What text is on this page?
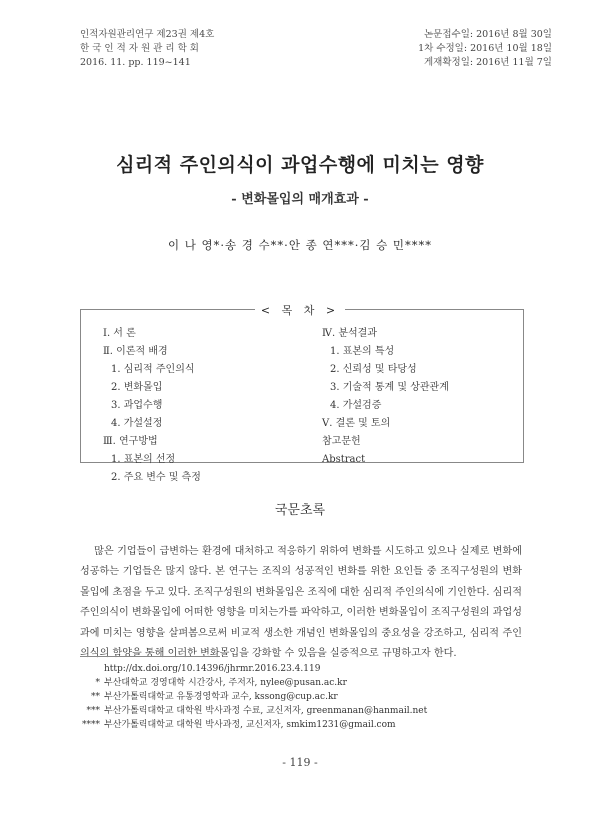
인적자원관리연구 제23권 제4호
한 국 인 적 자 원 관 리 학 회
2016. 11. pp. 119~141
논문접수일: 2016년 8월 30일
1차 수정일: 2016년 10월 18일
게재확정일: 2016년 11월 7일
심리적 주인의식이 과업수행에 미치는 영향
- 변화몰입의 매개효과 -
이 나 영*·송 경 수**·안 종 연***·김 승 민****
< 목 차 >
Ⅰ. 서 론
Ⅱ. 이론적 배경
1. 심리적 주인의식
2. 변화몰입
3. 과업수행
4. 가설설정
Ⅲ. 연구방법
1. 표본의 선정
2. 주요 변수 및 측정
Ⅳ. 분석결과
1. 표본의 특성
2. 신뢰성 및 타당성
3. 기술적 통계 및 상관관계
4. 가설검증
Ⅴ. 결론 및 토의
참고문헌
Abstract
국문초록
많은 기업들이 급변하는 환경에 대처하고 적응하기 위하여 변화를 시도하고 있으나 실제로 변화에 성공하는 기업들은 많지 않다. 본 연구는 조직의 성공적인 변화를 위한 요인들 중 조직구성원의 변화몰입에 초점을 두고 있다. 조직구성원의 변화몰입은 조직에 대한 심리적 주인의식에 기인한다. 심리적 주인의식이 변화몰입에 어떠한 영향을 미치는가를 파악하고, 이러한 변화몰입이 조직구성원의 과업성과에 미치는 영향을 살펴봄으로써 비교적 생소한 개념인 변화몰입의 중요성을 강조하고, 심리적 주인의식의 함양을 통해 이러한 변화몰입을 강화할 수 있음을 실증적으로 규명하고자 한다.
http://dx.doi.org/10.14396/jhrmr.2016.23.4.119
* 부산대학교 경영대학 시간강사, 주저자, nylee@pusan.ac.kr
** 부산가톨릭대학교 유통경영학과 교수, kssong@cup.ac.kr
*** 부산가톨릭대학교 대학원 박사과정 수료, 교신저자, greenmanan@hanmail.net
**** 부산가톨릭대학교 대학원 박사과정, 교신저자, smkim1231@gmail.com
- 119 -
